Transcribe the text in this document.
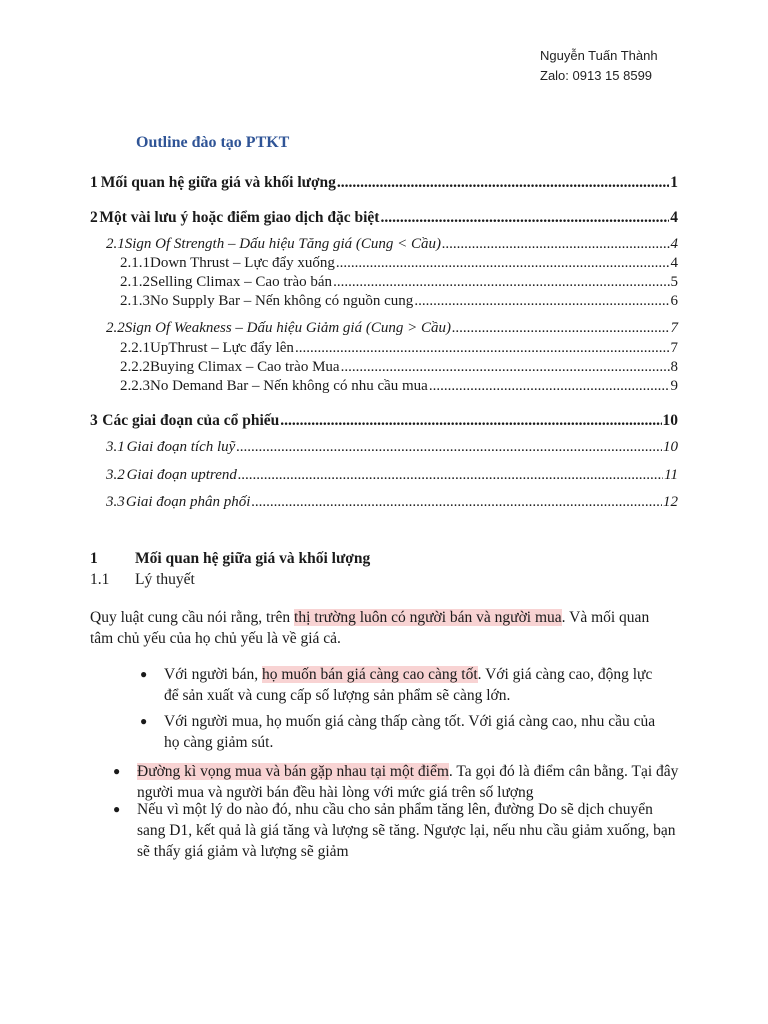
Nguyễn Tuấn Thành
Zalo: 0913 15 8599
Outline đào tạo PTKT
1 Mối quan hệ giữa giá và khối lượng .....	1
2 Một vài lưu ý hoặc điểm giao dịch đặc biệt .....	4
2.1 Sign Of Strength – Dấu hiệu Tăng giá (Cung < Cầu) .....	4
2.1.1 Down Thrust – Lực đẩy xuống .....	4
2.1.2 Selling Climax – Cao trào bán .....	5
2.1.3 No Supply Bar – Nến không có nguồn cung .....	6
2.2 Sign Of Weakness – Dấu hiệu Giảm giá (Cung > Cầu) .....	7
2.2.1 UpThrust – Lực đẩy lên .....	7
2.2.2 Buying Climax – Cao trào Mua .....	8
2.2.3 No Demand Bar – Nến không có nhu cầu mua .....	9
3 Các giai đoạn của cổ phiếu .....	10
3.1 Giai đoạn tích luỹ .....	10
3.2 Giai đoạn uptrend .....	11
3.3 Giai đoạn phân phối .....	12
1 Mối quan hệ giữa giá và khối lượng
1.1 Lý thuyết
Quy luật cung cầu nói rằng, trên thị trường luôn có người bán và người mua. Và mối quan tâm chủ yếu của họ chủ yếu là về giá cả.
●	Với người bán, họ muốn bán giá càng cao càng tốt. Với giá càng cao, động lực để sản xuất và cung cấp số lượng sản phẩm sẽ càng lớn.
●	Với người mua, họ muốn giá càng thấp càng tốt. Với giá càng cao, nhu cầu của họ càng giảm sút.
●	Đường kì vọng mua và bán gặp nhau tại một điểm. Ta gọi đó là điểm cân bằng. Tại đây người mua và người bán đều hài lòng với mức giá trên số lượng
●	Nếu vì một lý do nào đó, nhu cầu cho sản phẩm tăng lên, đường Do sẽ dịch chuyển sang D1, kết quả là giá tăng và lượng sẽ tăng. Ngược lại, nếu nhu cầu giảm xuống, bạn sẽ thấy giá giảm và lượng sẽ giảm
